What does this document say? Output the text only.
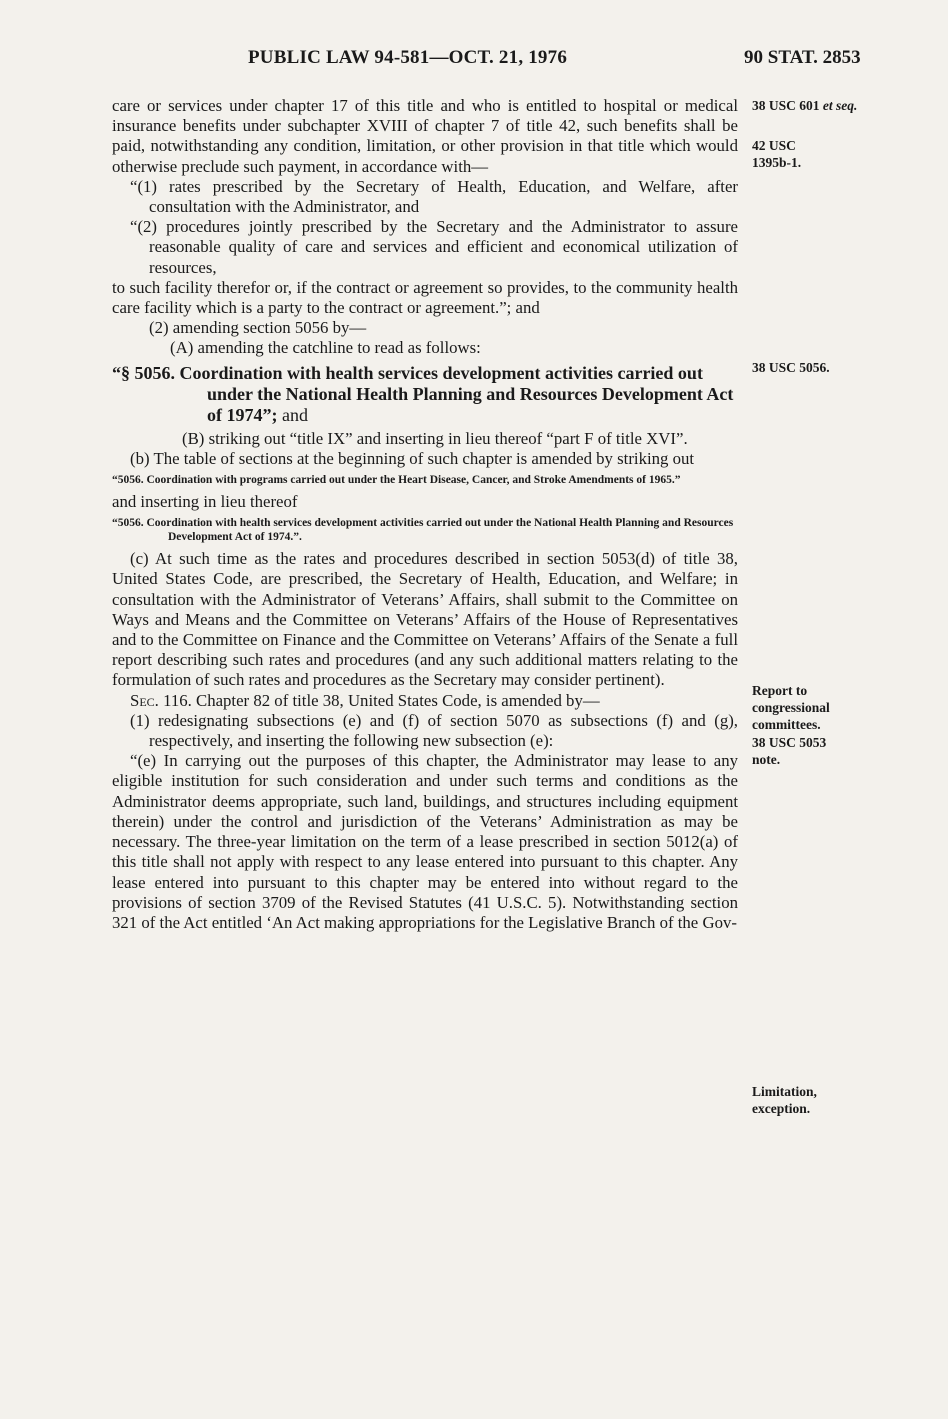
PUBLIC LAW 94-581—OCT. 21, 1976	90 STAT. 2853

care or services under chapter 17 of this title and who is entitled to hospital or medical insurance benefits under subchapter XVIII of chapter 7 of title 42, such benefits shall be paid, notwithstanding any condition, limitation, or other provision in that title which would otherwise preclude such payment, in accordance with—

“(1) rates prescribed by the Secretary of Health, Education, and Welfare, after consultation with the Administrator, and

“(2) procedures jointly prescribed by the Secretary and the Administrator to assure reasonable quality of care and services and efficient and economical utilization of resources,

to such facility therefor or, if the contract or agreement so provides, to the community health care facility which is a party to the contract or agreement.”; and

(2) amending section 5056 by—

(A) amending the catchline to read as follows:

“§ 5056. Coordination with health services development activities carried out under the National Health Planning and Resources Development Act of 1974”; and

(B) striking out “title IX” and inserting in lieu thereof “part F of title XVI”.

(b) The table of sections at the beginning of such chapter is amended by striking out

“5056. Coordination with programs carried out under the Heart Disease, Cancer, and Stroke Amendments of 1965.”

and inserting in lieu thereof

“5056. Coordination with health services development activities carried out under the National Health Planning and Resources Development Act of 1974.”.

(c) At such time as the rates and procedures described in section 5053(d) of title 38, United States Code, are prescribed, the Secretary of Health, Education, and Welfare; in consultation with the Administrator of Veterans’ Affairs, shall submit to the Committee on Ways and Means and the Committee on Veterans’ Affairs of the House of Representatives and to the Committee on Finance and the Committee on Veterans’ Affairs of the Senate a full report describing such rates and procedures (and any such additional matters relating to the formulation of such rates and procedures as the Secretary may consider pertinent).

Sec. 116. Chapter 82 of title 38, United States Code, is amended by—

(1) redesignating subsections (e) and (f) of section 5070 as subsections (f) and (g), respectively, and inserting the following new subsection (e):

“(e) In carrying out the purposes of this chapter, the Administrator may lease to any eligible institution for such consideration and under such terms and conditions as the Administrator deems appropriate, such land, buildings, and structures including equipment therein) under the control and jurisdiction of the Veterans’ Administration as may be necessary. The three-year limitation on the term of a lease prescribed in section 5012(a) of this title shall not apply with respect to any lease entered into pursuant to this chapter. Any lease entered into pursuant to this chapter may be entered into without regard to the provisions of section 3709 of the Revised Statutes (41 U.S.C. 5). Notwithstanding section 321 of the Act entitled ‘An Act making appropriations for the Legislative Branch of the Gov-

38 USC 601 et seq.
42 USC 1395b-1.
38 USC 5056.
Report to congressional committees.
38 USC 5053 note.
Limitation, exception.
